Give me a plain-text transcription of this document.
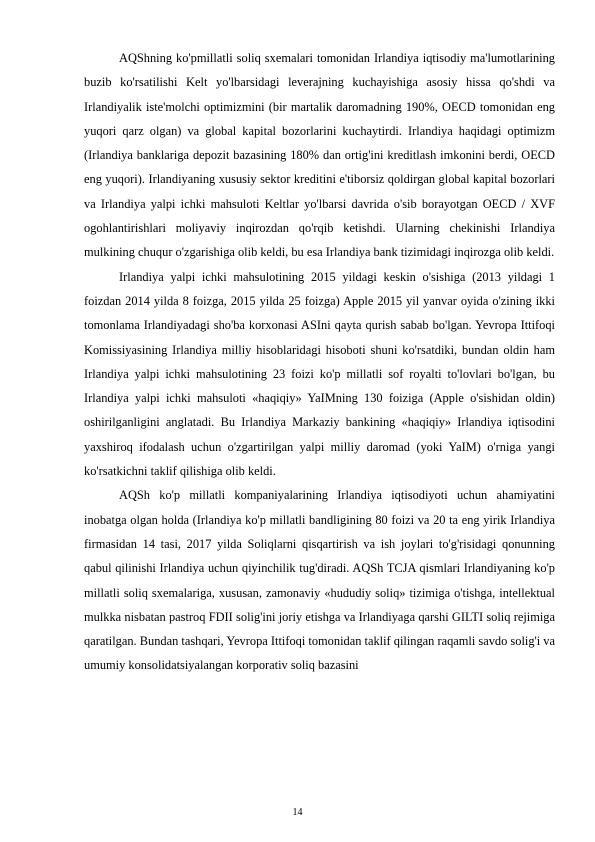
AQShning ko'pmillatli soliq sxemalari tomonidan Irlandiya iqtisodiy ma'lumotlarining buzib ko'rsatilishi Kelt yo'lbarsidagi leverajning kuchayishiga asosiy hissa qo'shdi va Irlandiyalik iste'molchi optimizmini (bir martalik daromadning 190%, OECD tomonidan eng yuqori qarz olgan) va global kapital bozorlarini kuchaytirdi. Irlandiya haqidagi optimizm (Irlandiya banklariga depozit bazasining 180% dan ortig'ini kreditlash imkonini berdi, OECD eng yuqori). Irlandiyaning xususiy sektor kreditini e'tiborsiz qoldirgan global kapital bozorlari va Irlandiya yalpi ichki mahsuloti Keltlar yo'lbarsi davrida o'sib borayotgan OECD / XVF ogohlantirishlari moliyaviy inqirozdan qo'rqib ketishdi. Ularning chekinishi Irlandiya mulkining chuqur o'zgarishiga olib keldi, bu esa Irlandiya bank tizimidagi inqirozga olib keldi.

Irlandiya yalpi ichki mahsulotining 2015 yildagi keskin o'sishiga (2013 yildagi 1 foizdan 2014 yilda 8 foizga, 2015 yilda 25 foizga) Apple 2015 yil yanvar oyida o'zining ikki tomonlama Irlandiyadagi sho'ba korxonasi ASIni qayta qurish sabab bo'lgan. Yevropa Ittifoqi Komissiyasining Irlandiya milliy hisoblaridagi hisoboti shuni ko'rsatdiki, bundan oldin ham Irlandiya yalpi ichki mahsulotining 23 foizi ko'p millatli sof royalti to'lovlari bo'lgan, bu Irlandiya yalpi ichki mahsuloti «haqiqiy» YaIMning 130 foiziga (Apple o'sishidan oldin) oshirilganligini anglatadi. Bu Irlandiya Markaziy bankining «haqiqiy» Irlandiya iqtisodini yaxshiroq ifodalash uchun o'zgartirilgan yalpi milliy daromad (yoki YaIM) o'rniga yangi ko'rsatkichni taklif qilishiga olib keldi.

AQSh ko'p millatli kompaniyalarining Irlandiya iqtisodiyoti uchun ahamiyatini inobatga olgan holda (Irlandiya ko'p millatli bandligining 80 foizi va 20 ta eng yirik Irlandiya firmasidan 14 tasi, 2017 yilda Soliqlarni qisqartirish va ish joylari to'g'risidagi qonunning qabul qilinishi Irlandiya uchun qiyinchilik tug'diradi. AQSh TCJA qismlari Irlandiyaning ko'p millatli soliq sxemalariga, xususan, zamonaviy «hududiy soliq» tizimiga o'tishga, intellektual mulkka nisbatan pastroq FDII solig'ini joriy etishga va Irlandiyaga qarshi GILTI soliq rejimiga qaratilgan. Bundan tashqari, Yevropa Ittifoqi tomonidan taklif qilingan raqamli savdo solig'i va umumiy konsolidatsiyalangan korporativ soliq bazasini

14
